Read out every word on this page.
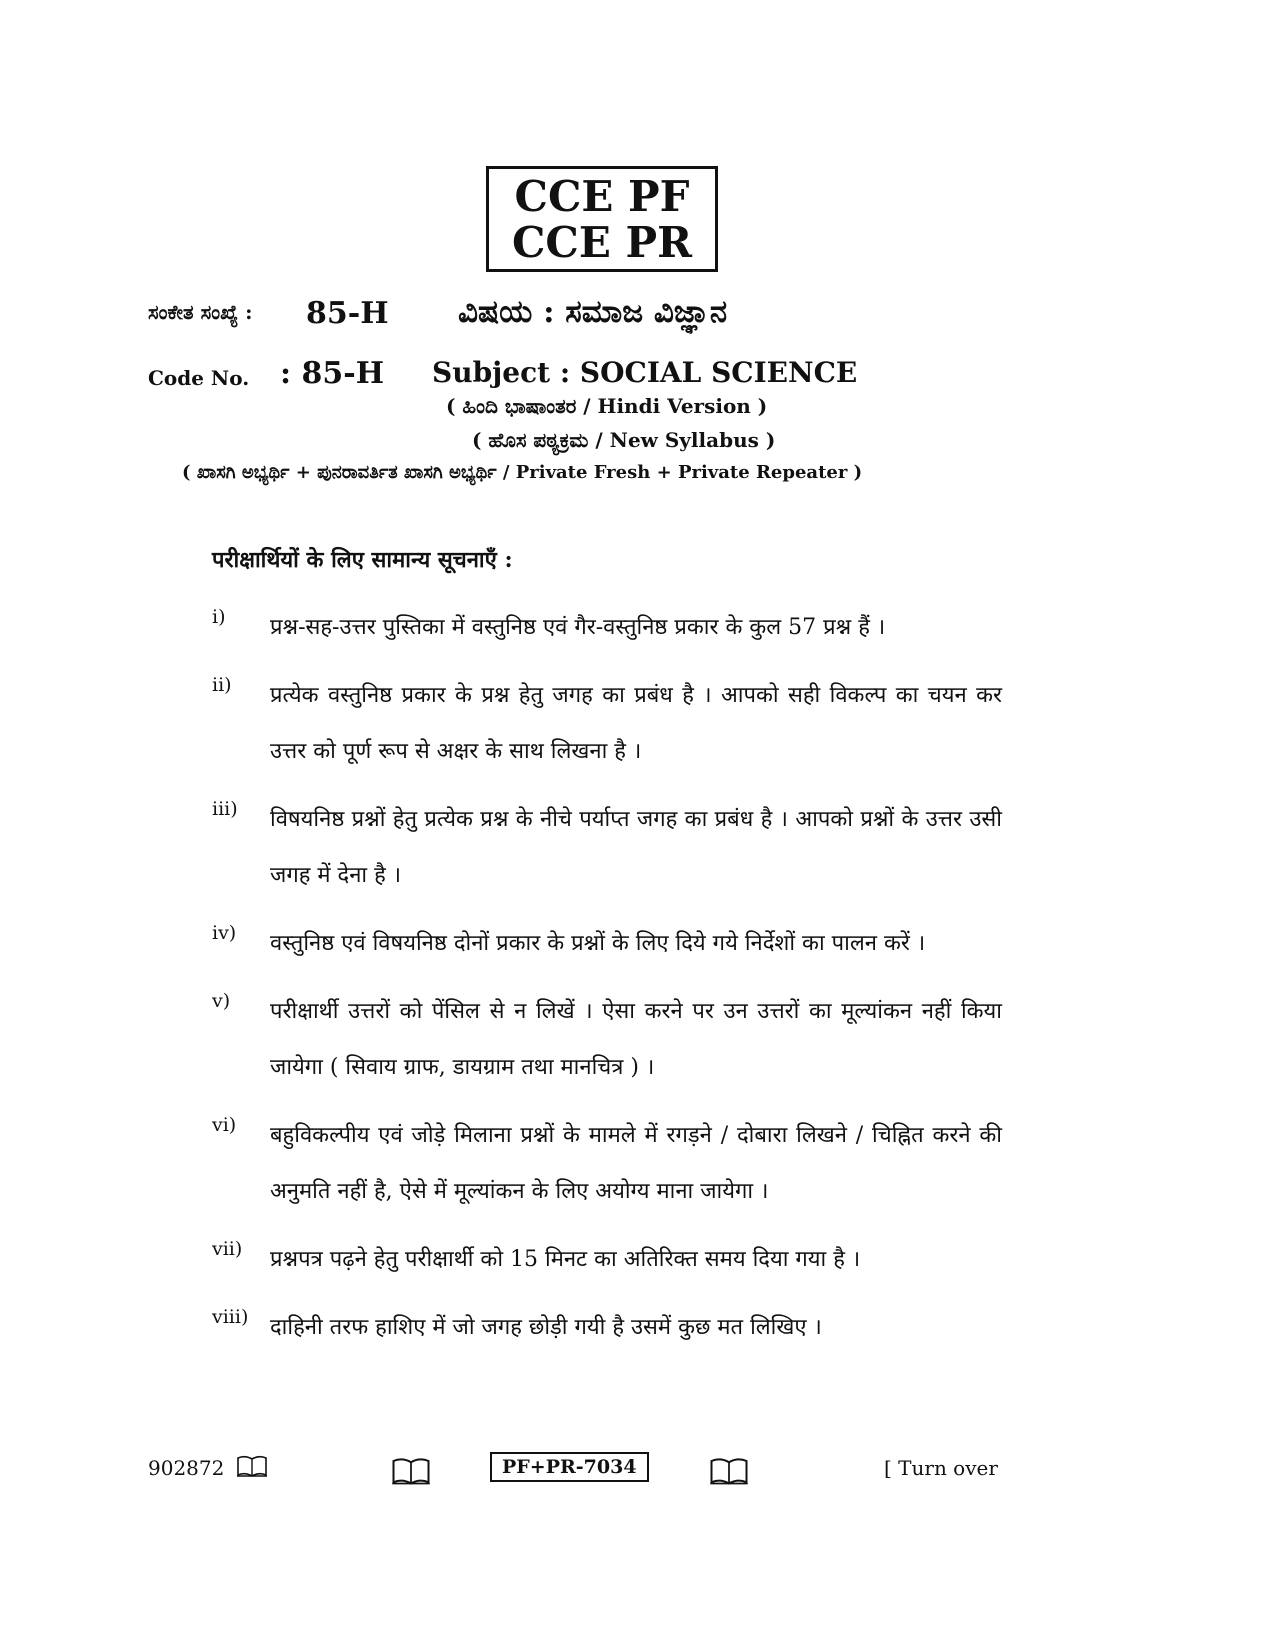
CCE PF
CCE PR
ಸಂಕೇತ ಸಂಖ್ಯೆ : 85-H ವಿಷಯ : ಸಮಾಜ ವಿಜ್ಞಾನ
Code No. : 85-H Subject : SOCIAL SCIENCE
( ಹಿಂದಿ ಭಾಷಾಂತರ / Hindi Version )
( ಹೊಸ ಪಠ್ಯಕ್ರಮ / New Syllabus )
( ಖಾಸಗಿ ಅಭ್ಯರ್ಥಿ + ಪುನರಾವರ್ತಿತ ಖಾಸಗಿ ಅಭ್ಯರ್ಥಿ / Private Fresh + Private Repeater )
परीक्षार्थियों के लिए सामान्य सूचनाएँ :
i)	प्रश्न-सह-उत्तर पुस्तिका में वस्तुनिष्ठ एवं गैर-वस्तुनिष्ठ प्रकार के कुल 57 प्रश्न हैं ।
ii)	प्रत्येक वस्तुनिष्ठ प्रकार के प्रश्न हेतु जगह का प्रबंध है । आपको सही विकल्प का चयन कर उत्तर को पूर्ण रूप से अक्षर के साथ लिखना है ।
iii)	विषयनिष्ठ प्रश्नों हेतु प्रत्येक प्रश्न के नीचे पर्याप्त जगह का प्रबंध है । आपको प्रश्नों के उत्तर उसी जगह में देना है ।
iv)	वस्तुनिष्ठ एवं विषयनिष्ठ दोनों प्रकार के प्रश्नों के लिए दिये गये निर्देशों का पालन करें ।
v)	परीक्षार्थी उत्तरों को पेंसिल से न लिखें । ऐसा करने पर उन उत्तरों का मूल्यांकन नहीं किया जायेगा ( सिवाय ग्राफ, डायग्राम तथा मानचित्र ) ।
vi)	बहुविकल्पीय एवं जोड़े मिलाना प्रश्नों के मामले में रगड़ने / दोबारा लिखने / चिह्नित करने की अनुमति नहीं है, ऐसे में मूल्यांकन के लिए अयोग्य माना जायेगा ।
vii)	प्रश्नपत्र पढ़ने हेतु परीक्षार्थी को 15 मिनट का अतिरिक्त समय दिया गया है ।
viii) दाहिनी तरफ हाशिए में जो जगह छोड़ी गयी है उसमें कुछ मत लिखिए ।
902872	PF+PR-7034	[ Turn over
